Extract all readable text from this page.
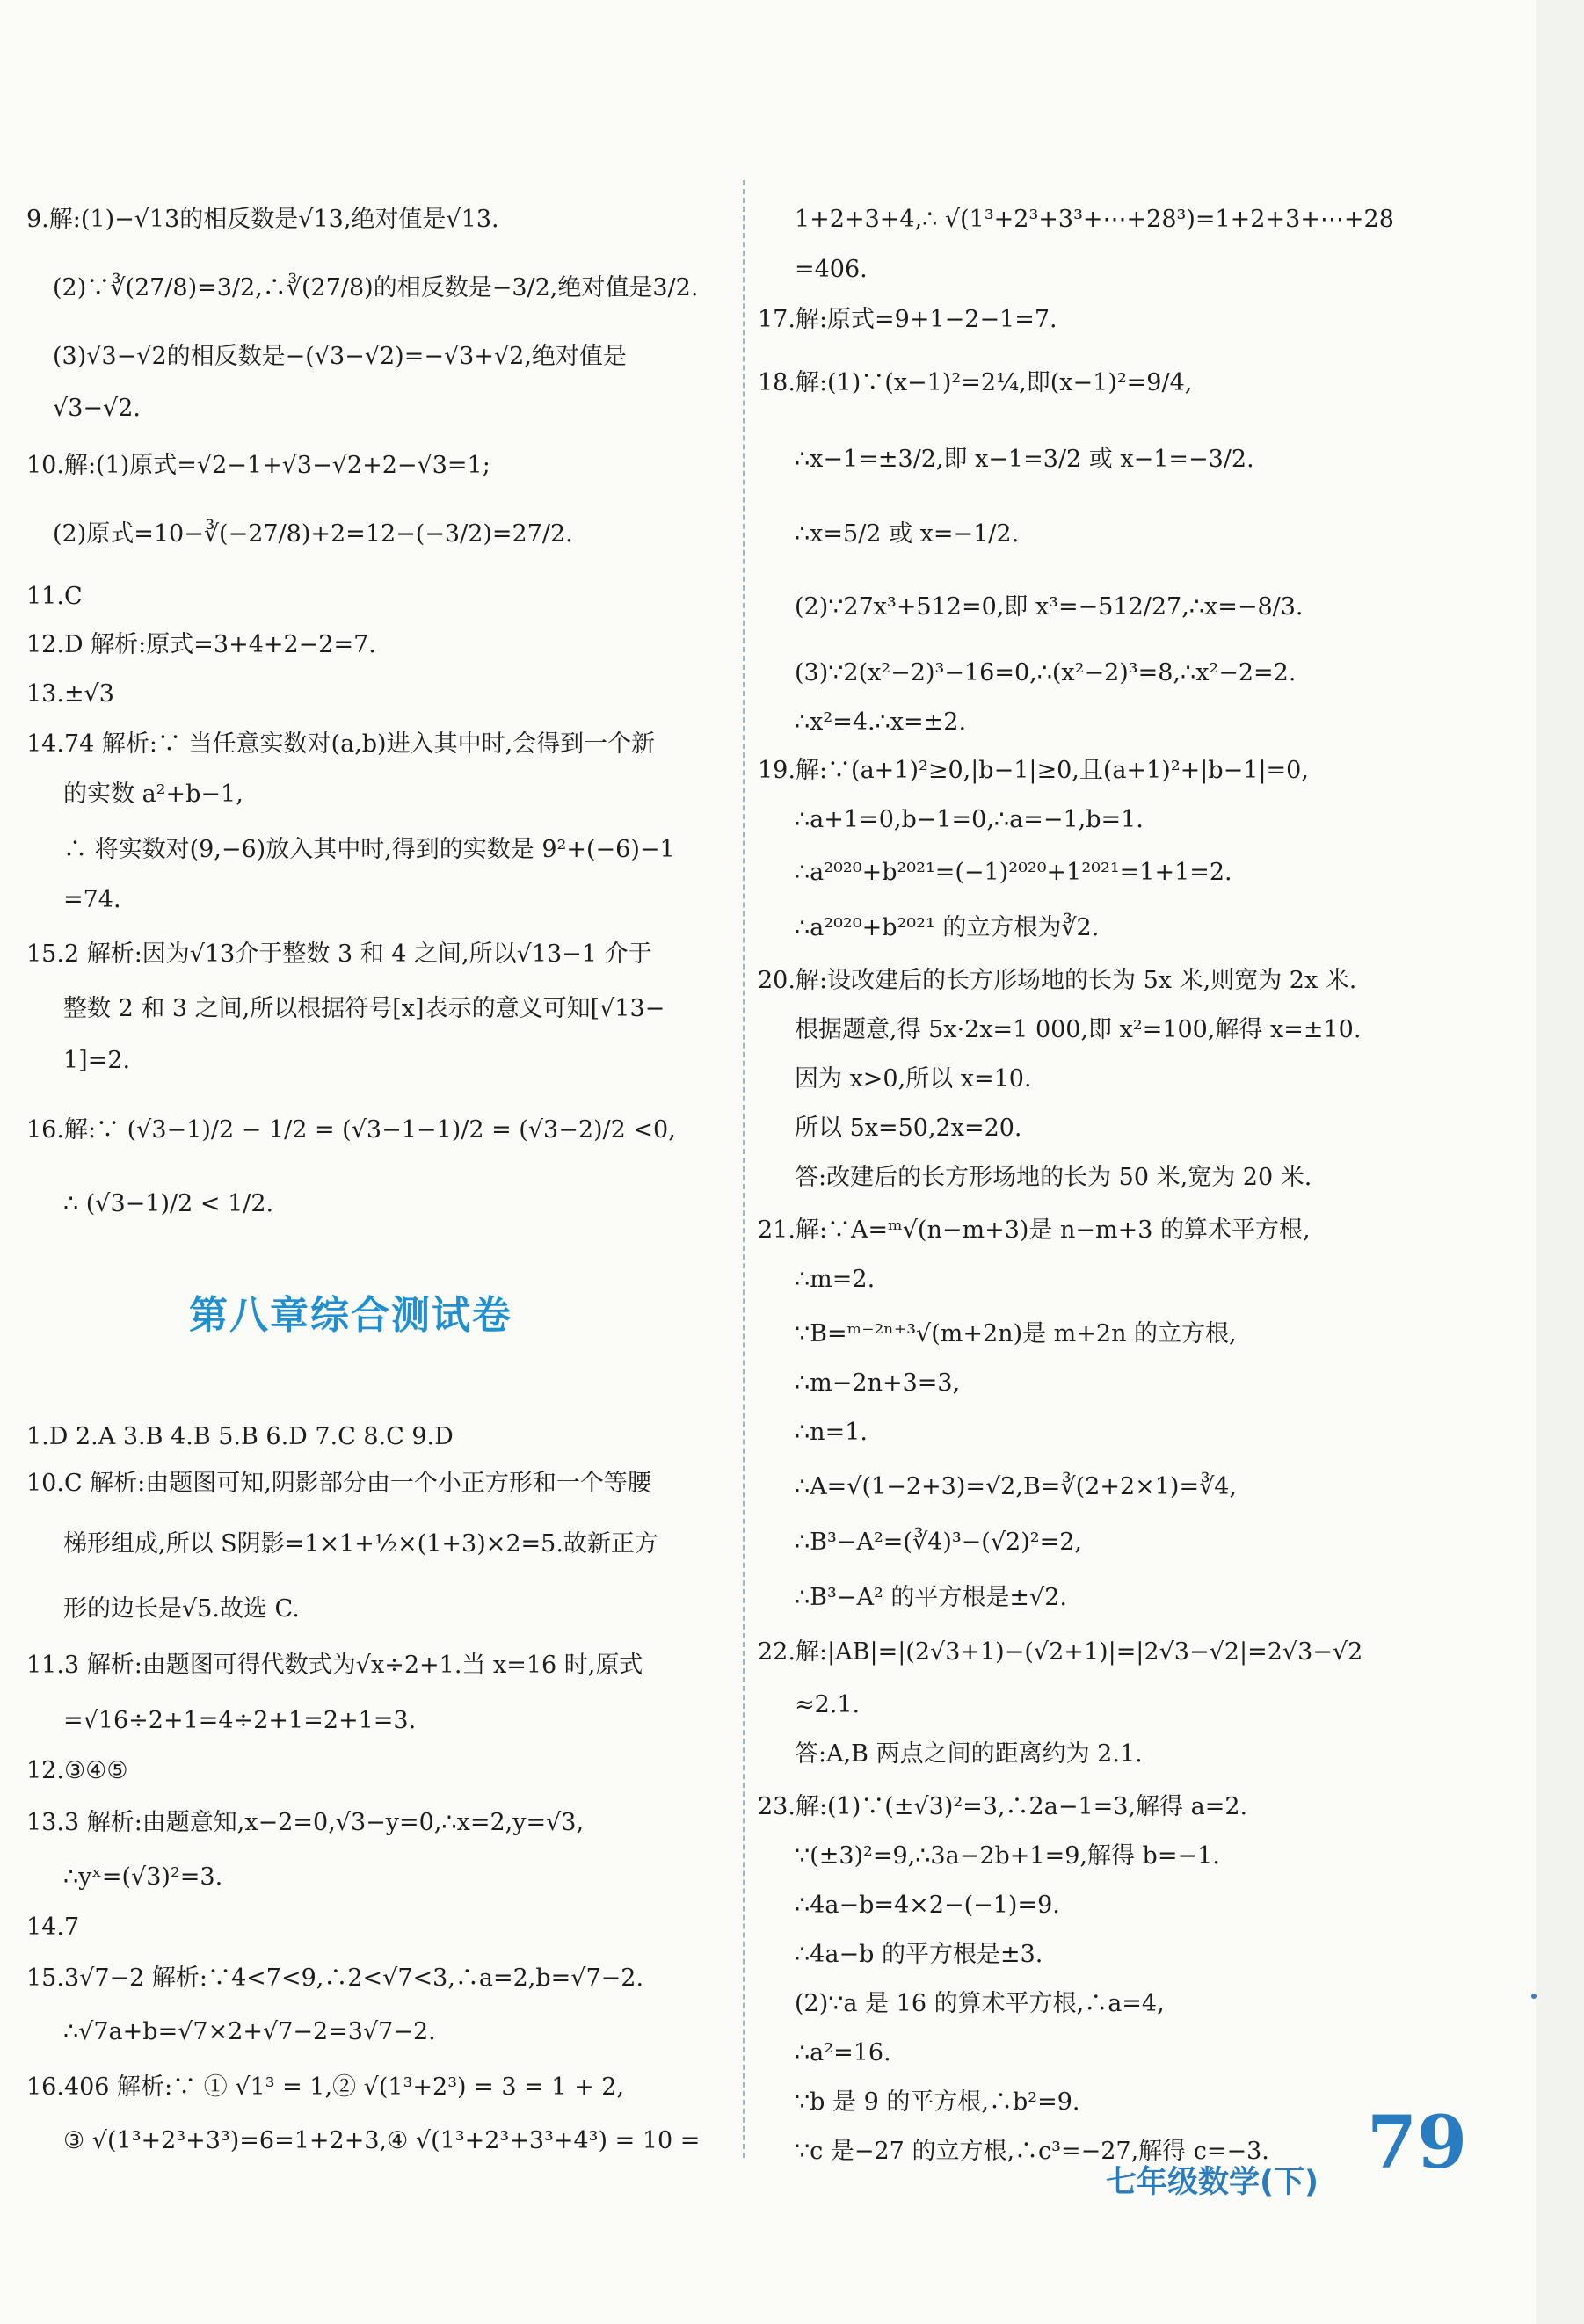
9.解:(1)−√13的相反数是√13,绝对值是√13.
(2)∵∛(27/8)=3/2,∴∛(27/8)的相反数是−3/2,绝对值是3/2.
(3)√3−√2的相反数是−(√3−√2)=−√3+√2,绝对值是
√3−√2.
10.解:(1)原式=√2−1+√3−√2+2−√3=1;
(2)原式=10−∛(−27/8)+2=12−(−3/2)=27/2.
11.C
12.D 解析:原式=3+4+2−2=7.
13.±√3
14.74 解析:∵ 当任意实数对(a,b)进入其中时,会得到一个新
的实数 a²+b−1,
∴ 将实数对(9,−6)放入其中时,得到的实数是 9²+(−6)−1
=74.
15.2 解析:因为√13介于整数 3 和 4 之间,所以√13−1 介于
整数 2 和 3 之间,所以根据符号[x]表示的意义可知[√13−
1]=2.
16.解:∵ (√3−1)/2 − 1/2 = (√3−1−1)/2 = (√3−2)/2 <0,
∴ (√3−1)/2 < 1/2.
1.D 2.A 3.B 4.B 5.B 6.D 7.C 8.C 9.D
10.C 解析:由题图可知,阴影部分由一个小正方形和一个等腰
梯形组成,所以 S阴影=1×1+½×(1+3)×2=5.故新正方
形的边长是√5.故选 C.
11.3 解析:由题图可得代数式为√x÷2+1.当 x=16 时,原式
=√16÷2+1=4÷2+1=2+1=3.
12.③④⑤
13.3 解析:由题意知,x−2=0,√3−y=0,∴x=2,y=√3,
∴yˣ=(√3)²=3.
14.7
15.3√7−2 解析:∵4<7<9,∴2<√7<3,∴a=2,b=√7−2.
∴√7a+b=√7×2+√7−2=3√7−2.
16.406 解析:∵ ① √1³ = 1,② √(1³+2³) = 3 = 1 + 2,
③ √(1³+2³+3³)=6=1+2+3,④ √(1³+2³+3³+4³) = 10 =
第八章综合测试卷
1+2+3+4,∴ √(1³+2³+3³+⋯+28³)=1+2+3+⋯+28
=406.
17.解:原式=9+1−2−1=7.
18.解:(1)∵(x−1)²=2¼,即(x−1)²=9/4,
∴x−1=±3/2,即 x−1=3/2 或 x−1=−3/2.
∴x=5/2 或 x=−1/2.
(2)∵27x³+512=0,即 x³=−512/27,∴x=−8/3.
(3)∵2(x²−2)³−16=0,∴(x²−2)³=8,∴x²−2=2.
∴x²=4.∴x=±2.
19.解:∵(a+1)²≥0,|b−1|≥0,且(a+1)²+|b−1|=0,
∴a+1=0,b−1=0,∴a=−1,b=1.
∴a²⁰²⁰+b²⁰²¹=(−1)²⁰²⁰+1²⁰²¹=1+1=2.
∴a²⁰²⁰+b²⁰²¹ 的立方根为∛2.
20.解:设改建后的长方形场地的长为 5x 米,则宽为 2x 米.
根据题意,得 5x·2x=1 000,即 x²=100,解得 x=±10.
因为 x>0,所以 x=10.
所以 5x=50,2x=20.
答:改建后的长方形场地的长为 50 米,宽为 20 米.
21.解:∵A=ᵐ√(n−m+3)是 n−m+3 的算术平方根,
∴m=2.
∵B=ᵐ⁻²ⁿ⁺³√(m+2n)是 m+2n 的立方根,
∴m−2n+3=3,
∴n=1.
∴A=√(1−2+3)=√2,B=∛(2+2×1)=∛4,
∴B³−A²=(∛4)³−(√2)²=2,
∴B³−A² 的平方根是±√2.
22.解:|AB|=|(2√3+1)−(√2+1)|=|2√3−√2|=2√3−√2
≈2.1.
答:A,B 两点之间的距离约为 2.1.
23.解:(1)∵(±√3)²=3,∴2a−1=3,解得 a=2.
∵(±3)²=9,∴3a−2b+1=9,解得 b=−1.
∴4a−b=4×2−(−1)=9.
∴4a−b 的平方根是±3.
(2)∵a 是 16 的算术平方根,∴a=4,
∴a²=16.
∵b 是 9 的平方根,∴b²=9.
∵c 是−27 的立方根,∴c³=−27,解得 c=−3.
七年级数学(下) 79
